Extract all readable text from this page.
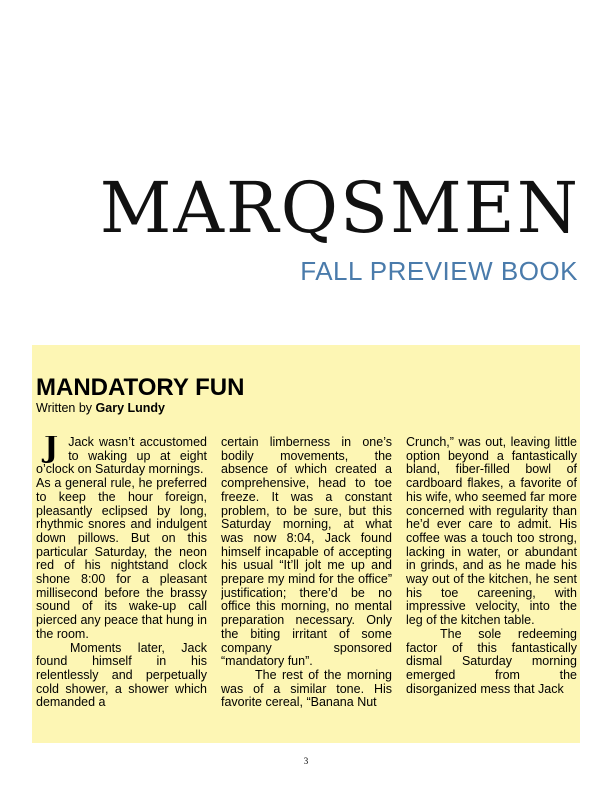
MARQSMEN
FALL PREVIEW BOOK
MANDATORY FUN
Written by Gary Lundy
J Jack wasn’t accustomed to waking up at eight o’clock on Saturday mornings.

As a general rule, he preferred to keep the hour foreign, pleasantly eclipsed by long, rhythmic snores and indulgent down pillows. But on this particular Saturday, the neon red of his nightstand clock shone 8:00 for a pleasant millisecond before the brassy sound of its wake-up call pierced any peace that hung in the room.

Moments later, Jack found himself in his relentlessly and perpetually cold shower, a shower which demanded a

certain limberness in one’s bodily movements, the absence of which created a comprehensive, head to toe freeze. It was a constant problem, to be sure, but this Saturday morning, at what was now 8:04, Jack found himself incapable of accepting his usual “It’ll jolt me up and prepare my mind for the office” justification; there’d be no office this morning, no mental preparation necessary. Only the biting irritant of some company sponsored “mandatory fun”.

The rest of the morning was of a similar tone. His favorite cereal, “Banana Nut

Crunch,” was out, leaving little option beyond a fantastically bland, fiber-filled bowl of cardboard flakes, a favorite of his wife, who seemed far more concerned with regularity than he’d ever care to admit. His coffee was a touch too strong, lacking in water, or abundant in grinds, and as he made his way out of the kitchen, he sent his toe careening, with impressive velocity, into the leg of the kitchen table.

The sole redeeming factor of this fantastically dismal Saturday morning emerged from the disorganized mess that Jack

3
